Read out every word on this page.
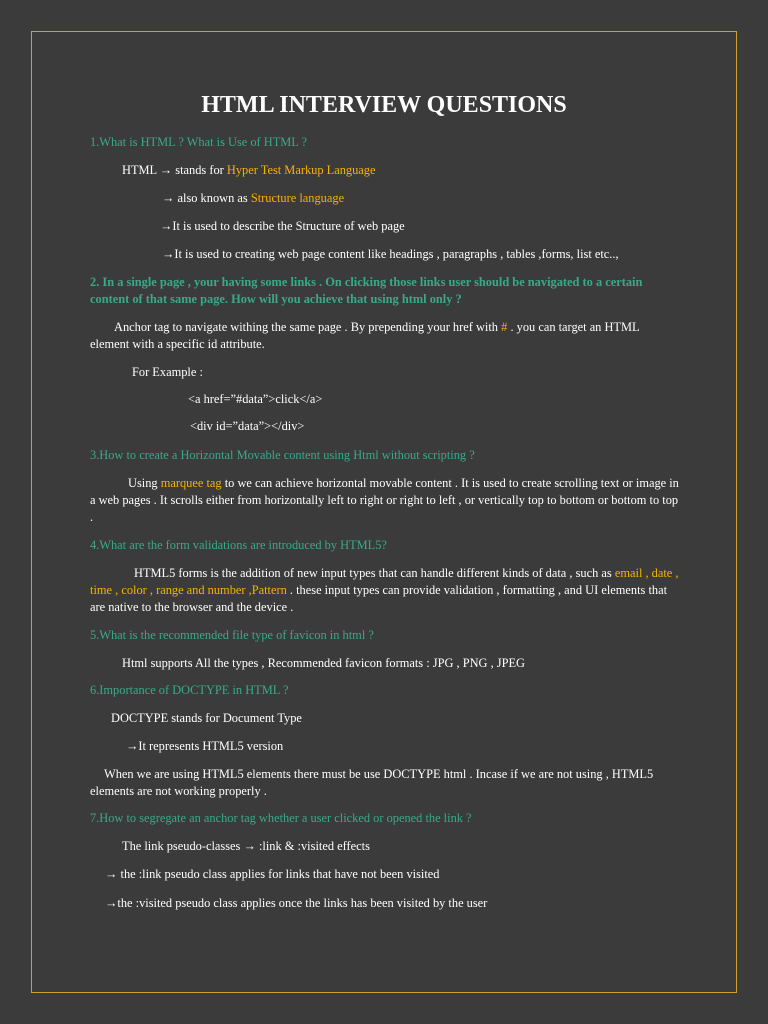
HTML INTERVIEW QUESTIONS
1.What is HTML ? What is Use of HTML ?
HTML → stands for Hyper Test Markup Language
→ also known as Structure language
→It is used to describe the Structure of web page
→It is used to creating web page content like headings , paragraphs , tables ,forms, list etc..,
2. In a single page , your having some links . On clicking those links user should be navigated to a certain content of that same page. How will you achieve that using html only ?
Anchor tag to navigate withing the same page . By prepending your href with # . you can target an HTML element with a specific id attribute.
For Example :
<a href=”#data”>click</a>
<div id=”data”></div>
3.How to create a Horizontal Movable content using Html without scripting ?
Using marquee tag to we can achieve horizontal movable content . It is used to create scrolling text or image in a web pages . It scrolls either from horizontally left to right or right to left , or vertically top to bottom or bottom to top .
4.What are the form validations are introduced by HTML5?
HTML5 forms is the addition of new input types that can handle different kinds of data , such as email , date , time , color , range and number ,Pattern . these input types can provide validation , formatting , and UI elements that are native to the browser and the device .
5.What is the recommended file type of favicon in html ?
Html supports All the types , Recommended favicon formats : JPG , PNG , JPEG
6.Importance of DOCTYPE in HTML ?
DOCTYPE stands for Document Type
→It represents HTML5 version
When we are using HTML5 elements there must be use DOCTYPE html . Incase if we are not using , HTML5 elements are not working properly .
7.How to segregate an anchor tag whether a user clicked or opened the link ?
The link pseudo-classes → :link & :visited effects
→ the :link pseudo class applies for links that have not been visited
→the :visited pseudo class applies once the links has been visited by the user
